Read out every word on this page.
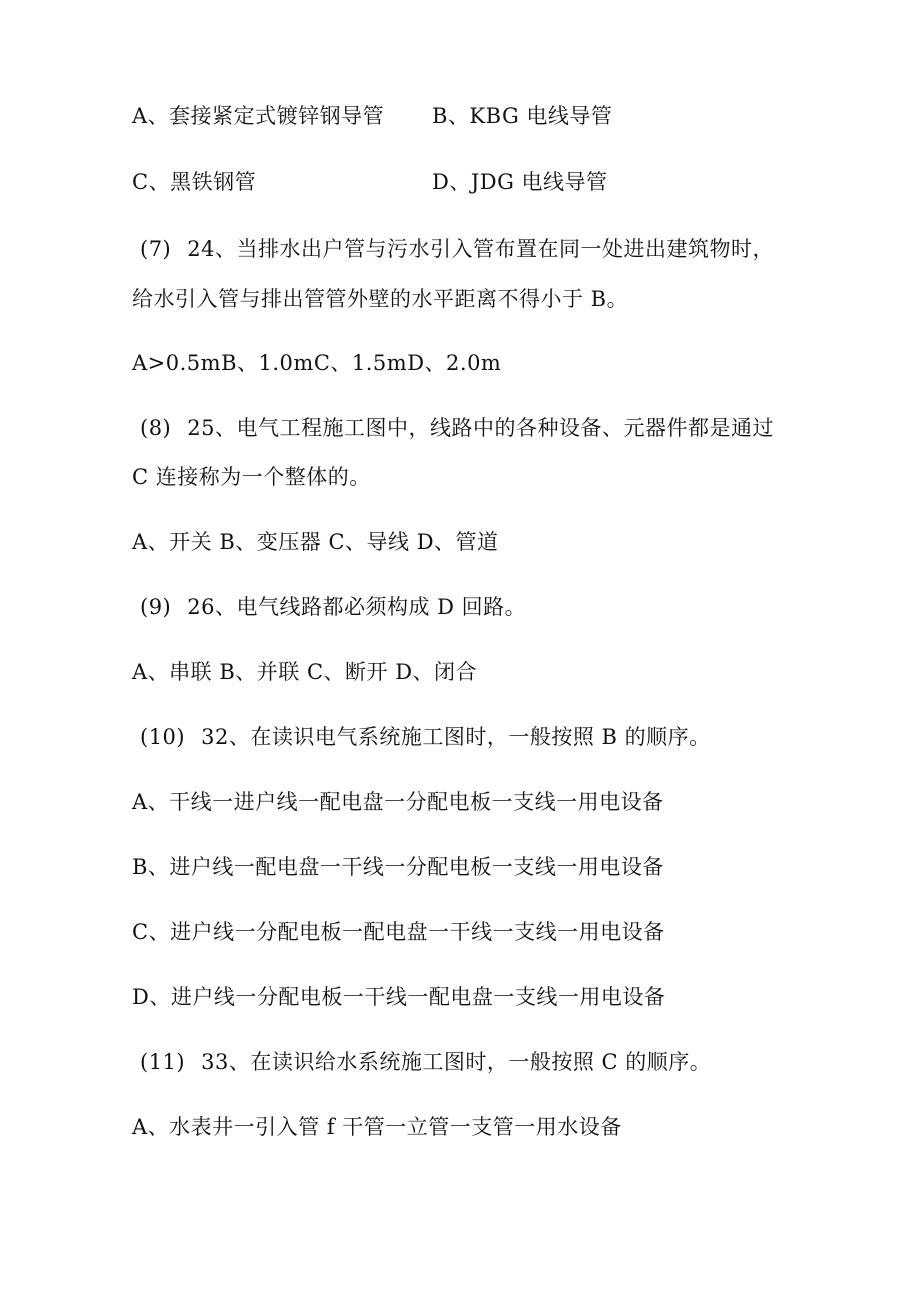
A、套接紧定式镀锌钢导管 B、KBG 电线导管
C、黑铁钢管	D、JDG 电线导管
(7) 24、当排水出户管与污水引入管布置在同一处进出建筑物时，
给水引入管与排出管管外壁的水平距离不得小于 B。
A>0.5mB、1.0mC、1.5mD、2.0m
(8) 25、电气工程施工图中，线路中的各种设备、元器件都是通过
C 连接称为一个整体的。
A、开关 B、变压器 C、导线 D、管道
(9) 26、电气线路都必须构成 D 回路。
A、串联 B、并联 C、断开 D、闭合
(10) 32、在读识电气系统施工图时，一般按照 B 的顺序。
A、干线一进户线一配电盘一分配电板一支线一用电设备
B、进户线一配电盘一干线一分配电板一支线一用电设备
C、进户线一分配电板一配电盘一干线一支线一用电设备
D、进户线一分配电板一干线一配电盘一支线一用电设备
(11) 33、在读识给水系统施工图时，一般按照 C 的顺序。
A、水表井一引入管 f 干管一立管一支管一用水设备
